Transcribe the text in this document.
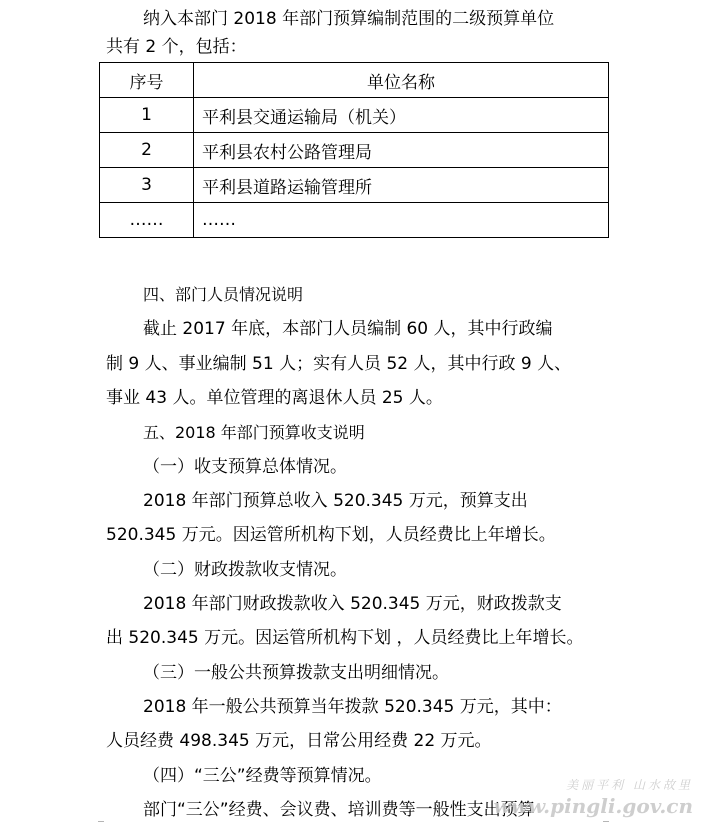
纳入本部门 2018 年部门预算编制范围的二级预算单位
共有 2 个，包括：
序号	单位名称
1	平利县交通运输局（机关）
2	平利县农村公路管理局
3	平利县道路运输管理所
……	……
四、部门人员情况说明
截止 2017 年底，本部门人员编制 60 人，其中行政编
制 9 人、事业编制 51 人；实有人员 52 人，其中行政 9 人、
事业 43 人。单位管理的离退休人员 25 人。
五、2018 年部门预算收支说明
（一）收支预算总体情况。
2018 年部门预算总收入 520.345 万元，预算支出
520.345 万元。因运管所机构下划，人员经费比上年增长。
（二）财政拨款收支情况。
2018 年部门财政拨款收入 520.345 万元，财政拨款支
出 520.345 万元。因运管所机构下划 ，人员经费比上年增长。
（三）一般公共预算拨款支出明细情况。
2018 年一般公共预算当年拨款 520.345 万元，其中：
人员经费 498.345 万元，日常公用经费 22 万元。
（四）“三公”经费等预算情况。
部门“三公”经费、会议费、培训费等一般性支出预算
美丽平利 山水故里
www.pingli.gov.cn
